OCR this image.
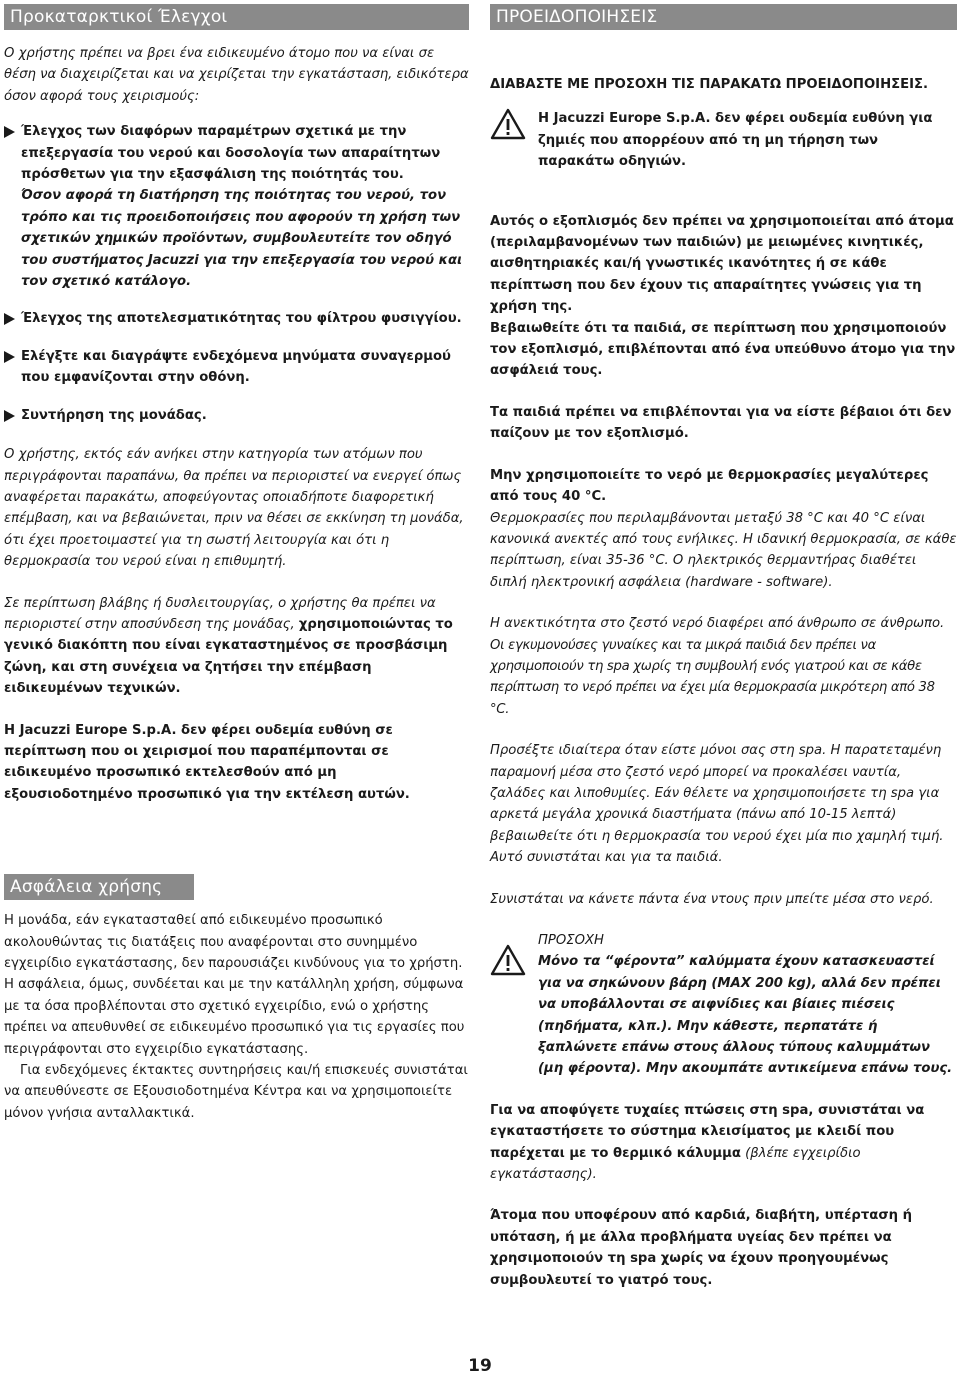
Προκαταρκτικοί Έλεγχοι

Ο χρήστης πρέπει να βρει ένα ειδικευμένο άτομο που να είναι σε θέση να διαχειρίζεται και να χειρίζεται την εγκατάσταση, ειδικότερα όσον αφορά τους χειρισμούς:

Έλεγχος των διαφόρων παραμέτρων σχετικά με την επεξεργασία του νερού και δοσολογία των απαραίτητων πρόσθετων για την εξασφάλιση της ποιότητάς του.

Όσον αφορά τη διατήρηση της ποιότητας του νερού, τον τρόπο και τις προειδοποιήσεις που αφορούν τη χρήση των σχετικών χημικών προϊόντων, συμβουλευτείτε τον οδηγό του συστήματος Jacuzzi για την επεξεργασία του νερού και τον σχετικό κατάλογο.

Έλεγχος της αποτελεσματικότητας του φίλτρου φυσιγγίου.

Ελέγξτε και διαγράψτε ενδεχόμενα μηνύματα συναγερμού που εμφανίζονται στην οθόνη.

Συντήρηση της μονάδας.

Ο χρήστης, εκτός εάν ανήκει στην κατηγορία των ατόμων που περιγράφονται παραπάνω, θα πρέπει να περιοριστεί να ενεργεί όπως αναφέρεται παρακάτω, αποφεύγοντας οποιαδήποτε διαφορετική επέμβαση, και να βεβαιώνεται, πριν να θέσει σε εκκίνηση τη μονάδα, ότι έχει προετοιμαστεί για τη σωστή λειτουργία και ότι η θερμοκρασία του νερού είναι η επιθυμητή.

Σε περίπτωση βλάβης ή δυσλειτουργίας, ο χρήστης θα πρέπει να περιοριστεί στην αποσύνδεση της μονάδας, χρησιμοποιώντας το γενικό διακόπτη που είναι εγκαταστημένος σε προσβάσιμη ζώνη, και στη συνέχεια να ζητήσει την επέμβαση ειδικευμένων τεχνικών.

Η Jacuzzi Europe S.p.A. δεν φέρει ουδεμία ευθύνη σε περίπτωση που οι χειρισμοί που παραπέμπονται σε ειδικευμένο προσωπικό εκτελεσθούν από μη εξουσιοδοτημένο προσωπικό για την εκτέλεση αυτών.

Ασφάλεια χρήσης

Η μονάδα, εάν εγκατασταθεί από ειδικευμένο προσωπικό ακολουθώντας τις διατάξεις που αναφέρονται στο συνημμένο εγχειρίδιο εγκατάστασης, δεν παρουσιάζει κινδύνους για το χρήστη. Η ασφάλεια, όμως, συνδέεται και με την κατάλληλη χρήση, σύμφωνα με τα όσα προβλέπονται στο σχετικό εγχειρίδιο, ενώ ο χρήστης πρέπει να απευθυνθεί σε ειδικευμένο προσωπικό για τις εργασίες που περιγράφονται στο εγχειρίδιο εγκατάστασης.

Για ενδεχόμενες έκτακτες συντηρήσεις και/ή επισκευές συνιστάται να απευθύνεστε σε Εξουσιοδοτημένα Κέντρα και να χρησιμοποιείτε μόνον γνήσια ανταλλακτικά.

ΠΡΟΕΙΔΟΠΟΙΗΣΕΙΣ

ΔΙΑΒΑΣΤΕ ΜΕ ΠΡΟΣΟΧΗ ΤΙΣ ΠΑΡΑΚΑΤΩ ΠΡΟΕΙΔΟΠΟΙΗΣΕΙΣ.

Η Jacuzzi Europe S.p.A. δεν φέρει ουδεμία ευθύνη για ζημιές που απορρέουν από τη μη τήρηση των παρακάτω οδηγιών.

Αυτός ο εξοπλισμός δεν πρέπει να χρησιμοποιείται από άτομα (περιλαμβανομένων των παιδιών) με μειωμένες κινητικές, αισθητηριακές και/ή γνωστικές ικανότητες ή σε κάθε περίπτωση που δεν έχουν τις απαραίτητες γνώσεις για τη χρήση της.

Βεβαιωθείτε ότι τα παιδιά, σε περίπτωση που χρησιμοποιούν τον εξοπλισμό, επιβλέπονται από ένα υπεύθυνο άτομο για την ασφάλειά τους.

Τα παιδιά πρέπει να επιβλέπονται για να είστε βέβαιοι ότι δεν παίζουν με τον εξοπλισμό.

Μην χρησιμοποιείτε το νερό με θερμοκρασίες μεγαλύτερες από τους 40 °C.

Θερμοκρασίες που περιλαμβάνονται μεταξύ 38 °C και 40 °C είναι κανονικά ανεκτές από τους ενήλικες. Η ιδανική θερμοκρασία, σε κάθε περίπτωση, είναι 35-36 °C. Ο ηλεκτρικός θερμαντήρας διαθέτει διπλή ηλεκτρονική ασφάλεια (hardware - software).

Η ανεκτικότητα στο ζεστό νερό διαφέρει από άνθρωπο σε άνθρωπο.
Οι εγκυμονούσες γυναίκες και τα μικρά παιδιά δεν πρέπει να χρησιμοποιούν τη spa χωρίς τη συμβουλή ενός γιατρού και σε κάθε περίπτωση το νερό πρέπει να έχει μία θερμοκρασία μικρότερη από 38 °C.

Προσέξτε ιδιαίτερα όταν είστε μόνοι σας στη spa. Η παρατεταμένη παραμονή μέσα στο ζεστό νερό μπορεί να προκαλέσει ναυτία, ζαλάδες και λιποθυμίες. Εάν θέλετε να χρησιμοποιήσετε τη spa για αρκετά μεγάλα χρονικά διαστήματα (πάνω από 10-15 λεπτά) βεβαιωθείτε ότι η θερμοκρασία του νερού έχει μία πιο χαμηλή τιμή. Αυτό συνιστάται και για τα παιδιά.

Συνιστάται να κάνετε πάντα ένα ντους πριν μπείτε μέσα στο νερό.

ΠΡΟΣΟΧΗ

Μόνο τα “φέροντα” καλύμματα έχουν κατασκευαστεί για να σηκώνουν βάρη (MAX 200 kg), αλλά δεν πρέπει να υποβάλλονται σε αιφνίδιες και βίαιες πιέσεις (πηδήματα, κλπ.). Μην κάθεστε, περπατάτε ή ξαπλώνετε επάνω στους άλλους τύπους καλυμμάτων (μη φέροντα). Μην ακουμπάτε αντικείμενα επάνω τους.

Για να αποφύγετε τυχαίες πτώσεις στη spa, συνιστάται να εγκαταστήσετε το σύστημα κλεισίματος με κλειδί που παρέχεται με το θερμικό κάλυμμα (βλέπε εγχειρίδιο εγκατάστασης).

Άτομα που υποφέρουν από καρδιά, διαβήτη, υπέρταση ή υπόταση, ή με άλλα προβλήματα υγείας δεν πρέπει να χρησιμοποιούν τη spa χωρίς να έχουν προηγουμένως συμβουλευτεί το γιατρό τους.

19
